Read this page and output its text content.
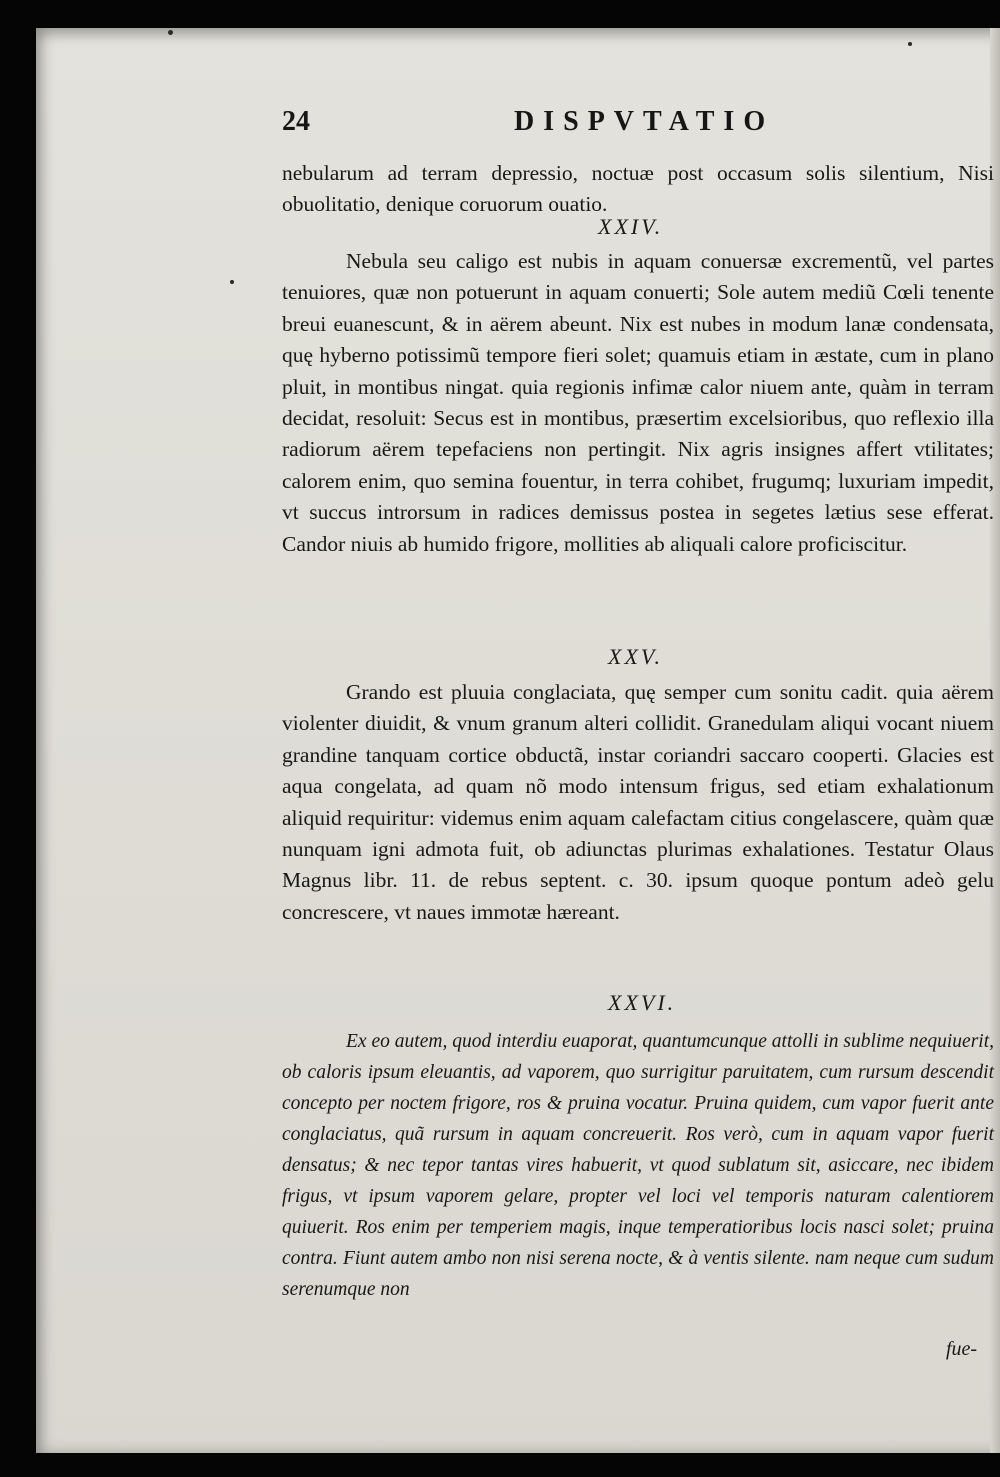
24	DISPVTATIO

nebularum ad terram depressio, noctuæ post occasum solis silentium, Nisi obuolitatio, denique coruorum ouatio.

XXIV.

Nebula seu caligo est nubis in aquam conuersæ excrementũ, vel partes tenuiores, quæ non potuerunt in aquam conuerti; Sole autem mediũ Cœli tenente breui euanescunt, & in aërem abeunt. Nix est nubes in modum lanæ condensata, quę hyberno potissimũ tempore fieri solet; quamuis etiam in æstate, cum in plano pluit, in montibus ningat. quia regionis infimæ calor niuem ante, quàm in terram decidat, resoluit: Secus est in montibus, præsertim excelsioribus, quo reflexio illa radiorum aërem tepefaciens non pertingit. Nix agris insignes affert vtilitates; calorem enim, quo semina fouentur, in terra cohibet, frugumq; luxuriam impedit, vt succus introrsum in radices demissus postea in segetes lætius sese efferat. Candor niuis ab humido frigore, mollities ab aliquali calore proficiscitur.

XXV.

Grando est pluuia conglaciata, quę semper cum sonitu cadit. quia aërem violenter diuidit, & vnum granum alteri collidit. Granedulam aliqui vocant niuem grandine tanquam cortice obductã, instar coriandri saccaro cooperti. Glacies est aqua congelata, ad quam nõ modo intensum frigus, sed etiam exhalationum aliquid requiritur: videmus enim aquam calefactam citius congelascere, quàm quæ nunquam igni admota fuit, ob adiunctas plurimas exhalationes. Testatur Olaus Magnus libr. 11. de rebus septent. c. 30. ipsum quoque pontum adeò gelu concrescere, vt naues immotæ hæreant.

XXVI.

Ex eo autem, quod interdiu euaporat, quantumcunque attolli in sublime nequiuerit, ob caloris ipsum eleuantis, ad vaporem, quo surrigitur paruitatem, cum rursum descendit concepto per noctem frigore, ros & pruina vocatur. Pruina quidem, cum vapor fuerit ante conglaciatus, quã rursum in aquam concreuerit. Ros verò, cum in aquam vapor fuerit densatus; & nec tepor tantas vires habuerit, vt quod sublatum sit, asiccare, nec ibidem frigus, vt ipsum vaporem gelare, propter vel loci vel temporis naturam calentiorem quiuerit. Ros enim per temperiem magis, inque temperatioribus locis nasci solet; pruina contra. Fiunt autem ambo non nisi serena nocte, & à ventis silente. nam neque cum sudum serenumque non

fue-
